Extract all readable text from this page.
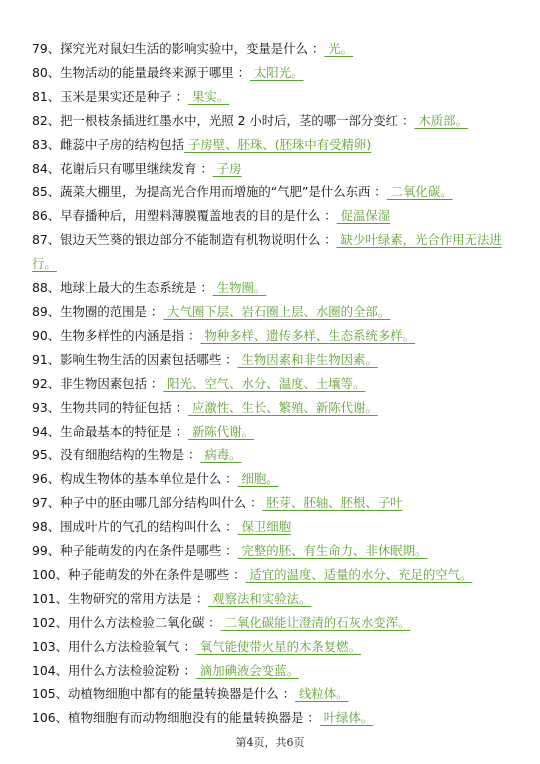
79、探究光对鼠妇生活的影响实验中，变量是什么 ： 光。
80、生物活动的能量最终来源于哪里 ： 太阳光。
81、玉米是果实还是种子 ： 果实。
82、把一根枝条插进红墨水中，光照 2 小时后，茎的哪一部分变红 ： 木质部。
83、雌蕊中子房的结构包括 子房壁、胚珠、(胚珠中有受精卵)
84、花谢后只有哪里继续发育 ： 子房
85、蔬菜大棚里，为提高光合作用而增施的“气肥”是什么东西 ： 二氧化碳。
86、早春播种后，用塑料薄膜覆盖地表的目的是什么 ： 促温保湿
87、银边天竺葵的银边部分不能制造有机物说明什么 ： 缺少叶绿素，光合作用无法进行。
88、地球上最大的生态系统是 ： 生物圈。
89、生物圈的范围是 ： 大气圈下层、岩石圈上层、水圈的全部。
90、生物多样性的内涵是指 ： 物种多样、遗传多样、生态系统多样。
91、影响生物生活的因素包括哪些 ： 生物因素和非生物因素。
92、非生物因素包括 ： 阳光、空气、水分、温度、土壤等。
93、生物共同的特征包括 ： 应激性、生长、繁殖、新陈代谢。
94、生命最基本的特征是 ： 新陈代谢。
95、没有细胞结构的生物是 ： 病毒。
96、构成生物体的基本单位是什么 ： 细胞。
97、种子中的胚由哪几部分结构叫什么 ： 胚芽、胚轴、胚根、子叶
98、围成叶片的气孔的结构叫什么 ： 保卫细胞
99、种子能萌发的内在条件是哪些 ： 完整的胚、有生命力、非休眠期。
100、种子能萌发的外在条件是哪些 ： 适宜的温度、适量的水分、充足的空气。
101、生物研究的常用方法是 ： 观察法和实验法。
102、用什么方法检验二氧化碳 ： 二氧化碳能让澄清的石灰水变浑。
103、用什么方法检验氧气 ： 氧气能使带火星的木条复燃。
104、用什么方法检验淀粉 ： 滴加碘液会变蓝。
105、动植物细胞中都有的能量转换器是什么 ： 线粒体。
106、植物细胞有而动物细胞没有的能量转换器是 ： 叶绿体。
第4页，共6页
